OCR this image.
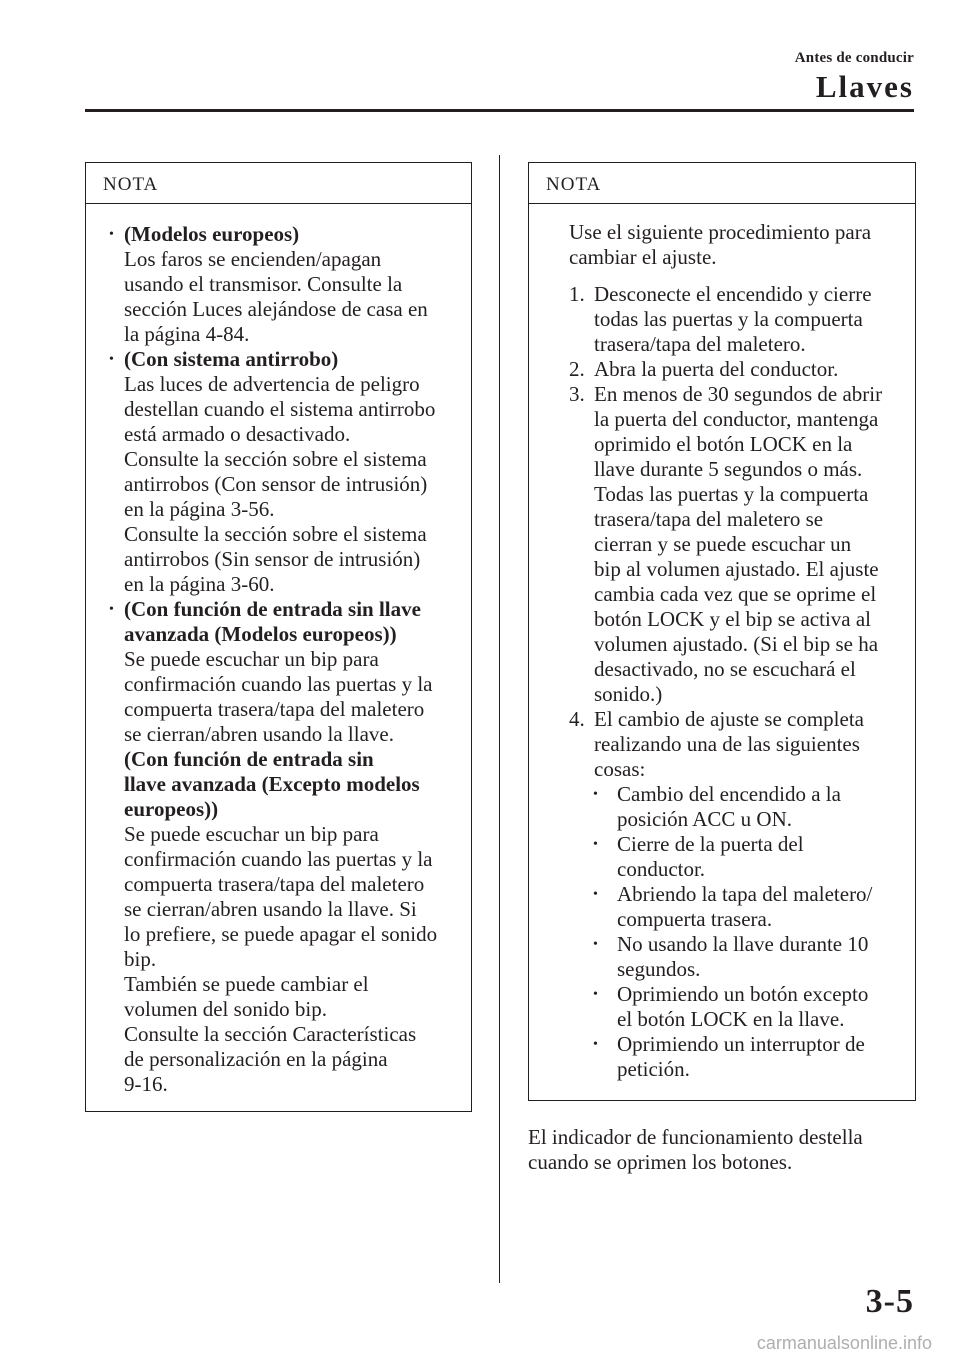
Antes de conducir
Llaves
NOTA
• (Modelos europeos)
Los faros se encienden/apagan
usando el transmisor. Consulte la
sección Luces alejándose de casa en
la página 4-84.
• (Con sistema antirrobo)
Las luces de advertencia de peligro
destellan cuando el sistema antirrobo
está armado o desactivado.
Consulte la sección sobre el sistema
antirrobos (Con sensor de intrusión)
en la página 3-56.
Consulte la sección sobre el sistema
antirrobos (Sin sensor de intrusión)
en la página 3-60.
• (Con función de entrada sin llave
avanzada (Modelos europeos))
Se puede escuchar un bip para
confirmación cuando las puertas y la
compuerta trasera/tapa del maletero
se cierran/abren usando la llave.
(Con función de entrada sin
llave avanzada (Excepto modelos
europeos))
Se puede escuchar un bip para
confirmación cuando las puertas y la
compuerta trasera/tapa del maletero
se cierran/abren usando la llave. Si
lo prefiere, se puede apagar el sonido
bip.
También se puede cambiar el
volumen del sonido bip.
Consulte la sección Características
de personalización en la página
9-16.
NOTA
Use el siguiente procedimiento para
cambiar el ajuste.
1. Desconecte el encendido y cierre
todas las puertas y la compuerta
trasera/tapa del maletero.
2. Abra la puerta del conductor.
3. En menos de 30 segundos de abrir
la puerta del conductor, mantenga
oprimido el botón LOCK en la
llave durante 5 segundos o más.
Todas las puertas y la compuerta
trasera/tapa del maletero se
cierran y se puede escuchar un
bip al volumen ajustado. El ajuste
cambia cada vez que se oprime el
botón LOCK y el bip se activa al
volumen ajustado. (Si el bip se ha
desactivado, no se escuchará el
sonido.)
4. El cambio de ajuste se completa
realizando una de las siguientes
cosas:
• Cambio del encendido a la
posición ACC u ON.
• Cierre de la puerta del
conductor.
• Abriendo la tapa del maletero/
compuerta trasera.
• No usando la llave durante 10
segundos.
• Oprimiendo un botón excepto
el botón LOCK en la llave.
• Oprimiendo un interruptor de
petición.
El indicador de funcionamiento destella
cuando se oprimen los botones.
3-5
carmanualsonline.info
